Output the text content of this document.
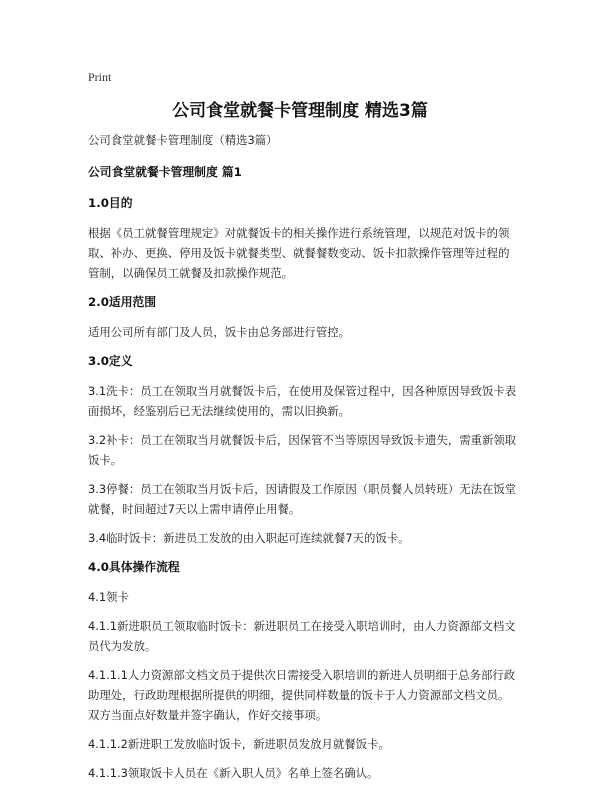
Print
公司食堂就餐卡管理制度 精选3篇

公司食堂就餐卡管理制度（精选3篇）

公司食堂就餐卡管理制度 篇1
1.0目的

根据《员工就餐管理规定》对就餐饭卡的相关操作进行系统管理，以规范对饭卡的领取、补办、更换、停用及饭卡就餐类型、就餐餐数变动、饭卡扣款操作管理等过程的管制，以确保员工就餐及扣款操作规范。

2.0适用范围

适用公司所有部门及人员，饭卡由总务部进行管控。

3.0定义

3.1洗卡：员工在领取当月就餐饭卡后，在使用及保管过程中，因各种原因导致饭卡表面损坏，经鉴别后已无法继续使用的，需以旧换新。

3.2补卡：员工在领取当月就餐饭卡后，因保管不当等原因导致饭卡遗失，需重新领取饭卡。

3.3停餐：员工在领取当月饭卡后，因请假及工作原因（职员餐人员转班）无法在饭堂就餐，时间超过7天以上需申请停止用餐。

3.4临时饭卡：新进员工发放的由入职起可连续就餐7天的饭卡。

4.0具体操作流程

4.1领卡

4.1.1新进职员工领取临时饭卡：新进职员工在接受入职培训时，由人力资源部文档文员代为发放。

4.1.1.1人力资源部文档文员于提供次日需接受入职培训的新进人员明细于总务部行政助理处，行政助理根据所提供的明细，提供同样数量的饭卡于人力资源部文档文员。双方当面点好数量并签字确认，作好交接事项。

4.1.1.2新进职工发放临时饭卡，新进职员发放月就餐饭卡。

4.1.1.3领取饭卡人员在《新入职人员》名单上签名确认。
